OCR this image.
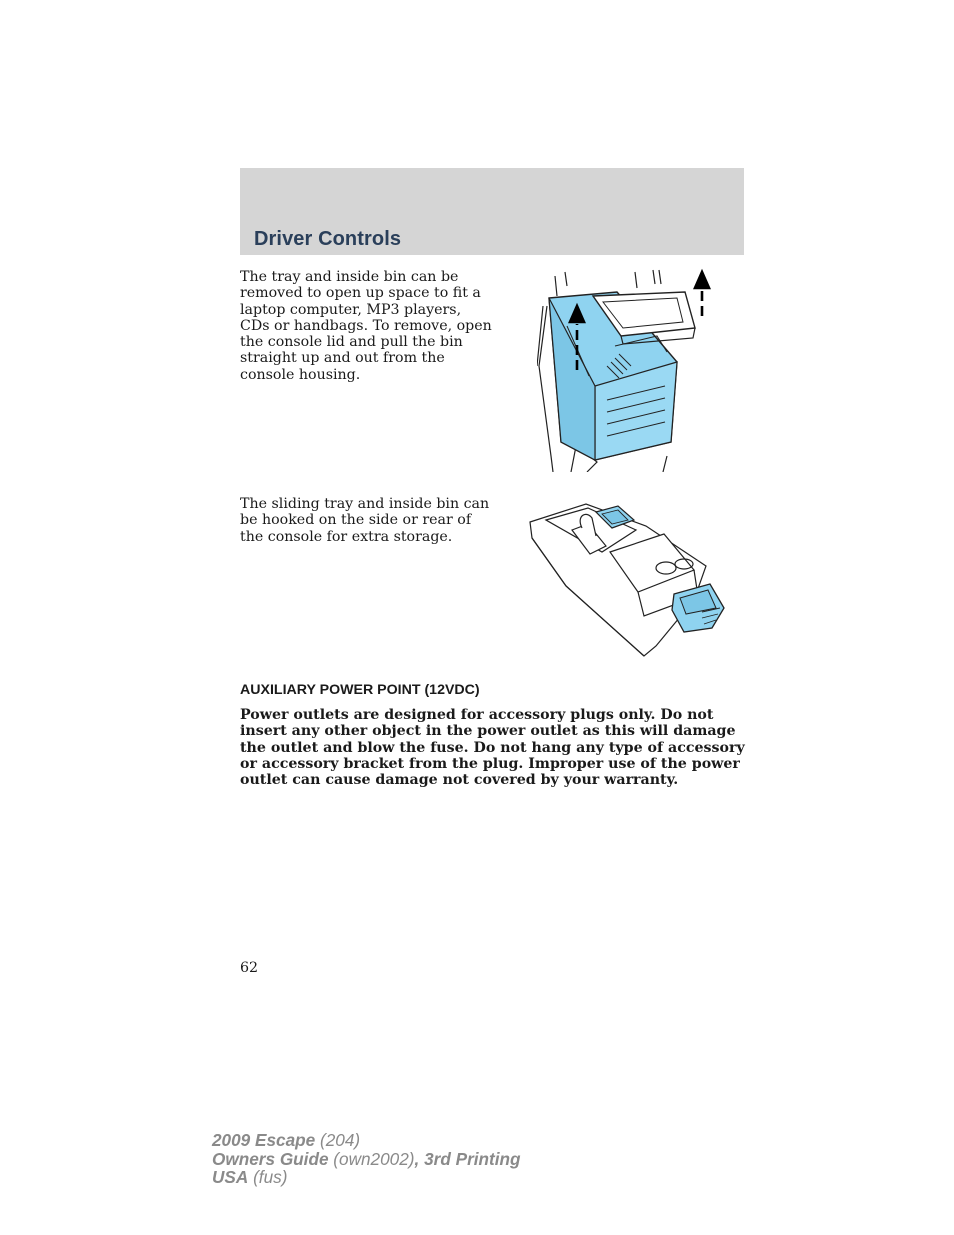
Driver Controls

The tray and inside bin can be removed to open up space to fit a laptop computer, MP3 players, CDs or handbags. To remove, open the console lid and pull the bin straight up and out from the console housing.

The sliding tray and inside bin can be hooked on the side or rear of the console for extra storage.

AUXILIARY POWER POINT (12VDC)

Power outlets are designed for accessory plugs only. Do not insert any other object in the power outlet as this will damage the outlet and blow the fuse. Do not hang any type of accessory or accessory bracket from the plug. Improper use of the power outlet can cause damage not covered by your warranty.

62
2009 Escape (204)
Owners Guide (own2002), 3rd Printing
USA (fus)
